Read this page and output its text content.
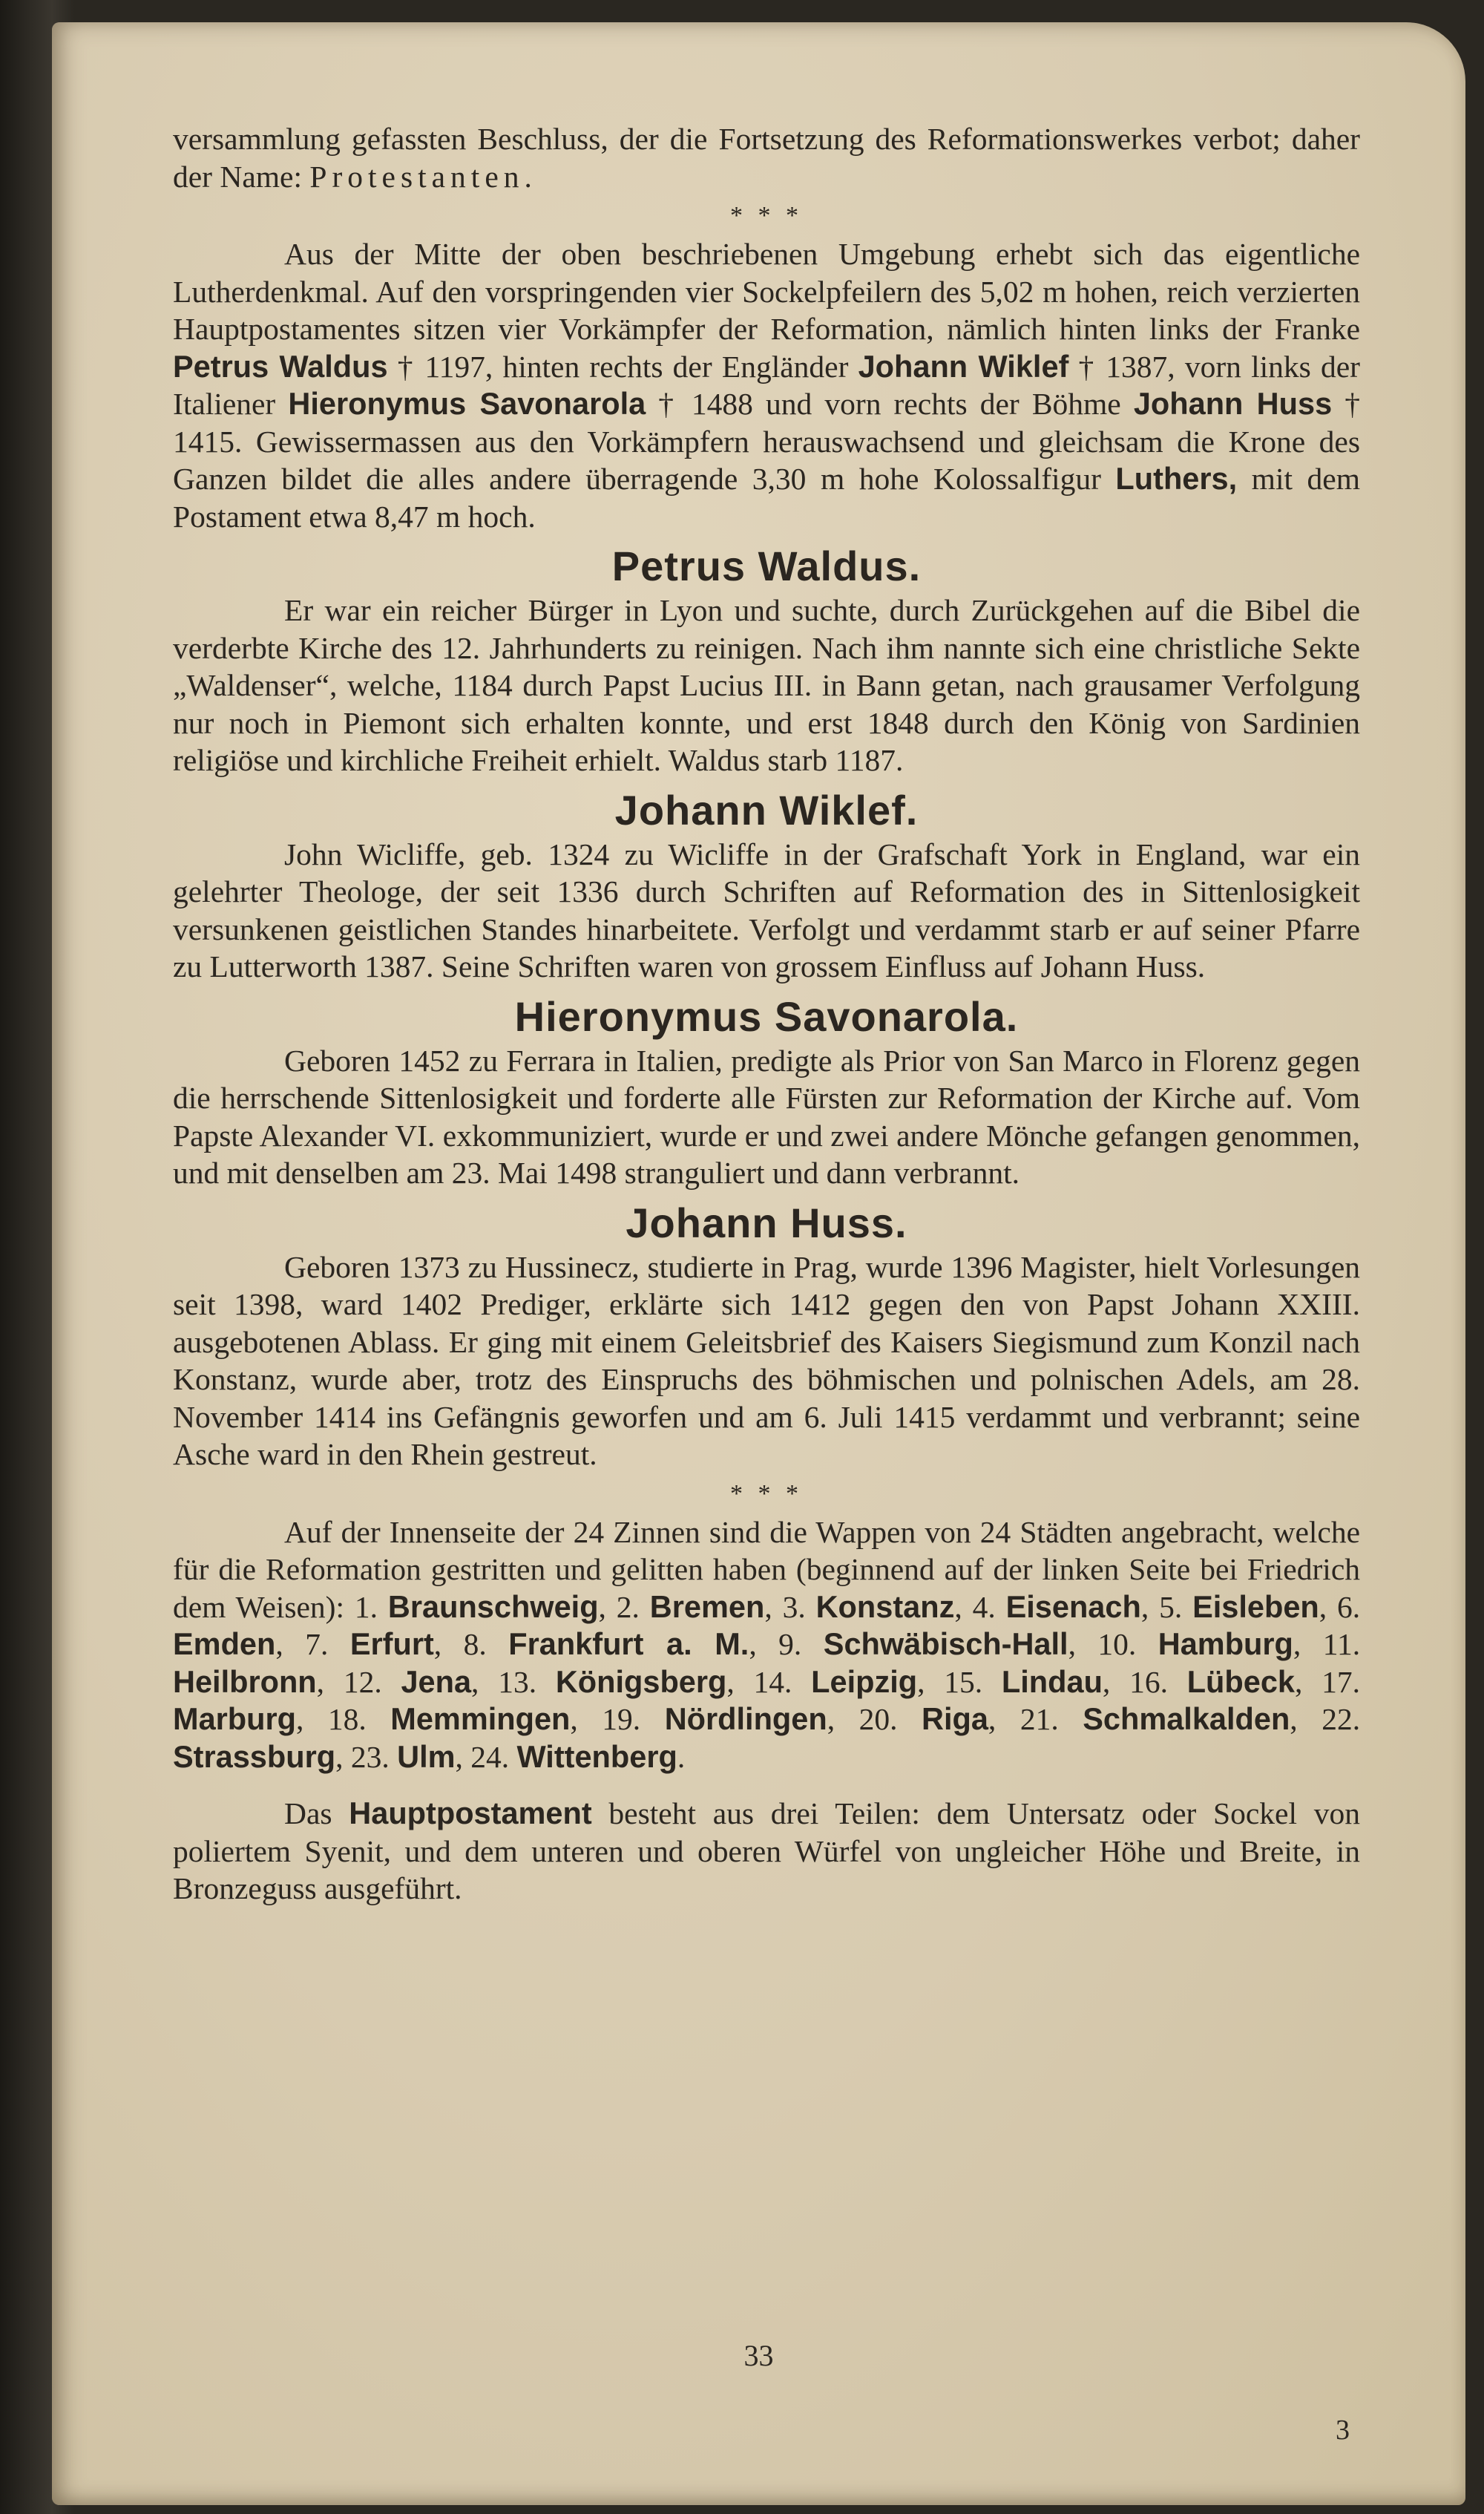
versammlung gefassten Beschluss, der die Fortsetzung des Reformationswerkes verbot; daher der Name: Protestanten.

* * *

Aus der Mitte der oben beschriebenen Umgebung erhebt sich das eigentliche Lutherdenkmal. Auf den vorspringenden vier Sockelpfeilern des 5,02 m hohen, reich verzierten Hauptpostamentes sitzen vier Vorkämpfer der Reformation, nämlich hinten links der Franke Petrus Waldus † 1197, hinten rechts der Engländer Johann Wiklef † 1387, vorn links der Italiener Hieronymus Savonarola † 1488 und vorn rechts der Böhme Johann Huss † 1415. Gewissermassen aus den Vorkämpfern herauswachsend und gleichsam die Krone des Ganzen bildet die alles andere überragende 3,30 m hohe Kolossalfigur Luthers, mit dem Postament etwa 8,47 m hoch.

Petrus Waldus.

Er war ein reicher Bürger in Lyon und suchte, durch Zurückgehen auf die Bibel die verderbte Kirche des 12. Jahrhunderts zu reinigen. Nach ihm nannte sich eine christliche Sekte „Waldenser“, welche, 1184 durch Papst Lucius III. in Bann getan, nach grausamer Verfolgung nur noch in Piemont sich erhalten konnte, und erst 1848 durch den König von Sardinien religiöse und kirchliche Freiheit erhielt. Waldus starb 1187.

Johann Wiklef.

John Wicliffe, geb. 1324 zu Wicliffe in der Grafschaft York in England, war ein gelehrter Theologe, der seit 1336 durch Schriften auf Reformation des in Sittenlosigkeit versunkenen geistlichen Standes hinarbeitete. Verfolgt und verdammt starb er auf seiner Pfarre zu Lutterworth 1387. Seine Schriften waren von grossem Einfluss auf Johann Huss.

Hieronymus Savonarola.

Geboren 1452 zu Ferrara in Italien, predigte als Prior von San Marco in Florenz gegen die herrschende Sittenlosigkeit und forderte alle Fürsten zur Reformation der Kirche auf. Vom Papste Alexander VI. exkommuniziert, wurde er und zwei andere Mönche gefangen genommen, und mit denselben am 23. Mai 1498 stranguliert und dann verbrannt.

Johann Huss.

Geboren 1373 zu Hussinecz, studierte in Prag, wurde 1396 Magister, hielt Vorlesungen seit 1398, ward 1402 Prediger, erklärte sich 1412 gegen den von Papst Johann XXIII. ausgebotenen Ablass. Er ging mit einem Geleitsbrief des Kaisers Siegismund zum Konzil nach Konstanz, wurde aber, trotz des Einspruchs des böhmischen und polnischen Adels, am 28. November 1414 ins Gefängnis geworfen und am 6. Juli 1415 verdammt und verbrannt; seine Asche ward in den Rhein gestreut.

* * *

Auf der Innenseite der 24 Zinnen sind die Wappen von 24 Städten angebracht, welche für die Reformation gestritten und gelitten haben (beginnend auf der linken Seite bei Friedrich dem Weisen): 1. Braunschweig, 2. Bremen, 3. Konstanz, 4. Eisenach, 5. Eisleben, 6. Emden, 7. Erfurt, 8. Frankfurt a. M., 9. Schwäbisch-Hall, 10. Hamburg, 11. Heilbronn, 12. Jena, 13. Königsberg, 14. Leipzig, 15. Lindau, 16. Lübeck, 17. Marburg, 18. Memmingen, 19. Nördlingen, 20. Riga, 21. Schmalkalden, 22. Strassburg, 23. Ulm, 24. Wittenberg.

Das Hauptpostament besteht aus drei Teilen: dem Untersatz oder Sockel von poliertem Syenit, und dem unteren und oberen Würfel von ungleicher Höhe und Breite, in Bronzeguss ausgeführt.

33
3
